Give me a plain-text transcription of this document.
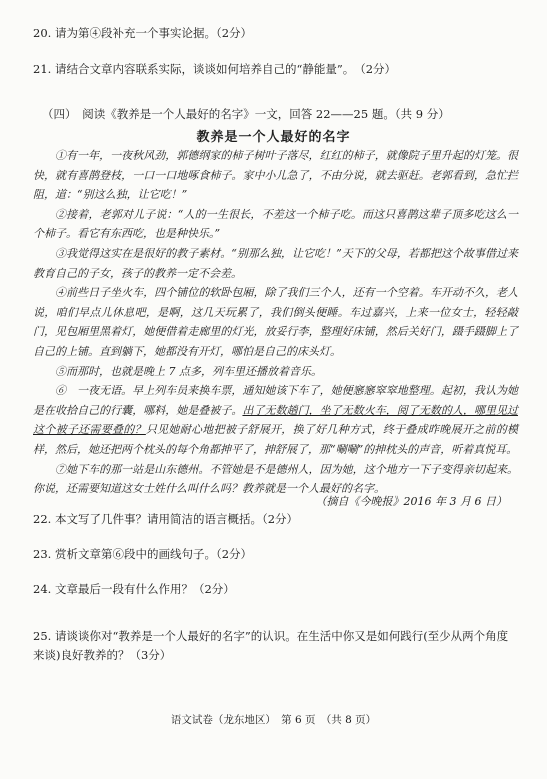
20. 请为第④段补充一个事实论据。（2分）
21. 请结合文章内容联系实际，谈谈如何培养自己的“静能量”。　（2分）
（四）　阅读《教养是一个人最好的名字》一文，回答 22——25 题。（共 9 分）
教养是一个人最好的名字

①有一年，一夜秋风劲，郭德纲家的柿子树叶子落尽，红红的柿子，就像院子里升起的灯笼。很快，就有喜鹊登枝，一口一口地啄食柿子。家中小儿急了，不由分说，就去驱赶。老郭看到，急忙拦阻，道：“别这么独，让它吃！”

②接着，老郭对儿子说：“人的一生很长，不差这一个柿子吃。而这只喜鹊这辈子顶多吃这么一个柿子。看它有东西吃，也是种快乐。”

③我觉得这实在是很好的教子素材。“别那么独，让它吃！”天下的父母，若都把这个故事借过来教育自己的子女，孩子的教养一定不会差。

④前些日子坐火车，四个铺位的软卧包厢，除了我们三个人，还有一个空着。车开动不久，老人说，咱们早点儿休息吧，是啊，这几天玩累了，我们倒头便睡。车过嘉兴，上来一位女士，轻轻敲门，见包厢里黑着灯，她便借着走廊里的灯光，放妥行李，整理好床铺，然后关好门，蹑手蹑脚上了自己的上铺。直到躺下，她都没有开灯，哪怕是自己的床头灯。

⑤而那时，也就是晚上 7 点多，列车里还播放着音乐。

⑥　一夜无语。早上列车员来换车票，通知她该下车了，她便窸窸窣窣地整理。起初，我认为她是在收拾自己的行囊，哪料，她是叠被子。出了无数趟门，坐了无数火车，阅了无数的人，哪里见过这个被子还需要叠的？只见她耐心地把被子舒展开，换了好几种方式，终于叠成昨晚展开之前的模样，然后，她还把两个枕头的每个角都抻平了，抻舒展了，那“唰唰”的抻枕头的声音，听着真悦耳。

⑦她下车的那一站是山东德州。不管她是不是德州人，因为她，这个地方一下子变得亲切起来。你说，还需要知道这女士姓什么叫什么吗？教养就是一个人最好的名字。

（摘自《今晚报》2016 年 3 月 6 日）
22. 本文写了几件事？请用简洁的语言概括。（2分）
23. 赏析文章第⑥段中的画线句子。（2分）
24. 文章最后一段有什么作用？（2分）
25. 请谈谈你对“教养是一个人最好的名字”的认识。在生活中你又是如何践行(至少从两个角度来谈)良好教养的？（3分）
语文试卷（龙东地区）　第 6 页　（共 8 页）
